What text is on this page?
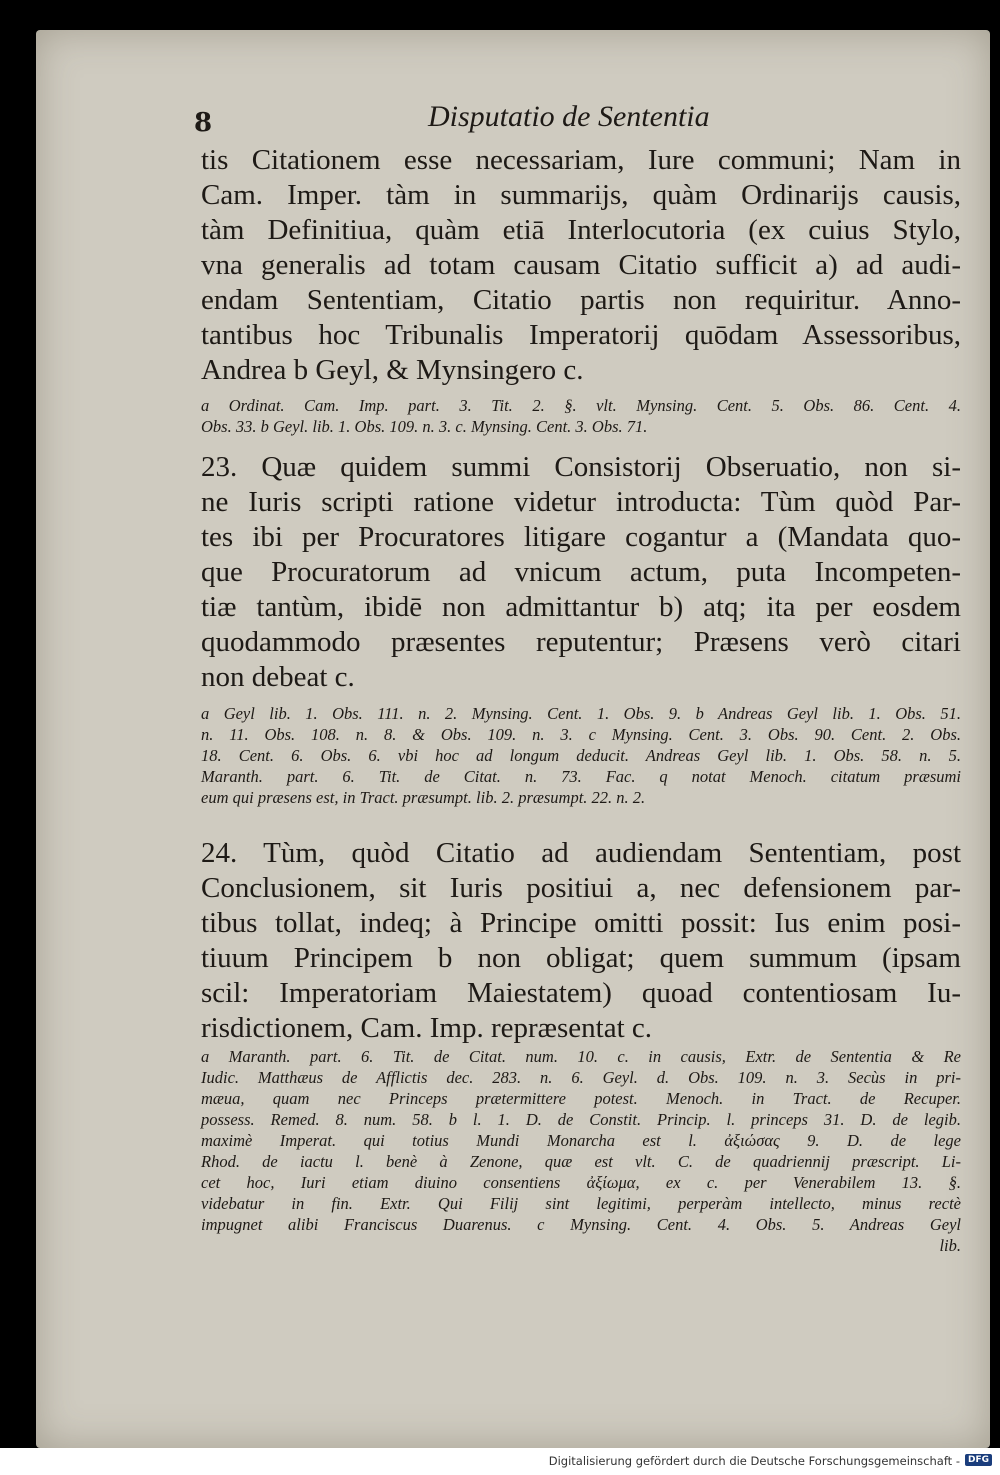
8	Disputatio de Sententia
tis Citationem esse necessariam, Iure communi; Nam in
Cam. Imper. tàm in summarijs, quàm Ordinarijs causis,
tàm Definitiua, quàm etiā Interlocutoria (ex cuius Stylo,
vna generalis ad totam causam Citatio sufficit a) ad audi-
endam Sententiam, Citatio partis non requiritur. Anno-
tantibus hoc Tribunalis Imperatorij quōdam Assessoribus,
Andrea b Geyl, & Mynsingero c.
a Ordinat. Cam. Imp. part. 3. Tit. 2. §. vlt. Mynsing. Cent. 5. Obs. 86. Cent. 4.
Obs. 33. b Geyl. lib. 1. Obs. 109. n. 3. c. Mynsing. Cent. 3. Obs. 71.
23. Quæ quidem summi Consistorij Obseruatio, non si-
ne Iuris scripti ratione videtur introducta: Tùm quòd Par-
tes ibi per Procuratores litigare cogantur a (Mandata quo-
que Procuratorum ad vnicum actum, puta Incompeten-
tiæ tantùm, ibidē non admittantur b) atq; ita per eosdem
quodammodo præsentes reputentur; Præsens verò citari
non debeat c.
a Geyl lib. 1. Obs. 111. n. 2. Mynsing. Cent. 1. Obs. 9. b Andreas Geyl lib. 1. Obs. 51.
n. 11. Obs. 108. n. 8. & Obs. 109. n. 3. c Mynsing. Cent. 3. Obs. 90. Cent. 2. Obs.
18. Cent. 6. Obs. 6. vbi hoc ad longum deducit. Andreas Geyl lib. 1. Obs. 58. n. 5.
Maranth. part. 6. Tit. de Citat. n. 73. Fac. q notat Menoch. citatum præsumi
eum qui præsens est, in Tract. præsumpt. lib. 2. præsumpt. 22. n. 2.
24. Tùm, quòd Citatio ad audiendam Sententiam, post
Conclusionem, sit Iuris positiui a, nec defensionem par-
tibus tollat, indeq; à Principe omitti possit: Ius enim posi-
tiuum Principem b non obligat; quem summum (ipsam
scil: Imperatoriam Maiestatem) quoad contentiosam Iu-
risdictionem, Cam. Imp. repræsentat c.
a Maranth. part. 6. Tit. de Citat. num. 10. c. in causis, Extr. de Sententia & Re
Iudic. Matthæus de Afflictis dec. 283. n. 6. Geyl. d. Obs. 109. n. 3. Secùs in pri-
mæua, quam nec Princeps prætermittere potest. Menoch. in Tract. de Recuper.
possess. Remed. 8. num. 58. b l. 1. D. de Constit. Princip. l. princeps 31. D. de legib.
maximè Imperat. qui totius Mundi Monarcha est l. ἀξιώσας 9. D. de lege
Rhod. de iactu l. benè à Zenone, quæ est vlt. C. de quadriennij præscript. Li-
cet hoc, Iuri etiam diuino consentiens ἀξίωμα, ex c. per Venerabilem 13. §.
videbatur in fin. Extr. Qui Filij sint legitimi, perperàm intellecto, minus rectè
impugnet alibi Franciscus Duarenus. c Mynsing. Cent. 4. Obs. 5. Andreas Geyl
lib.
Digitalisierung gefördert durch die Deutsche Forschungsgemeinschaft - DFG
